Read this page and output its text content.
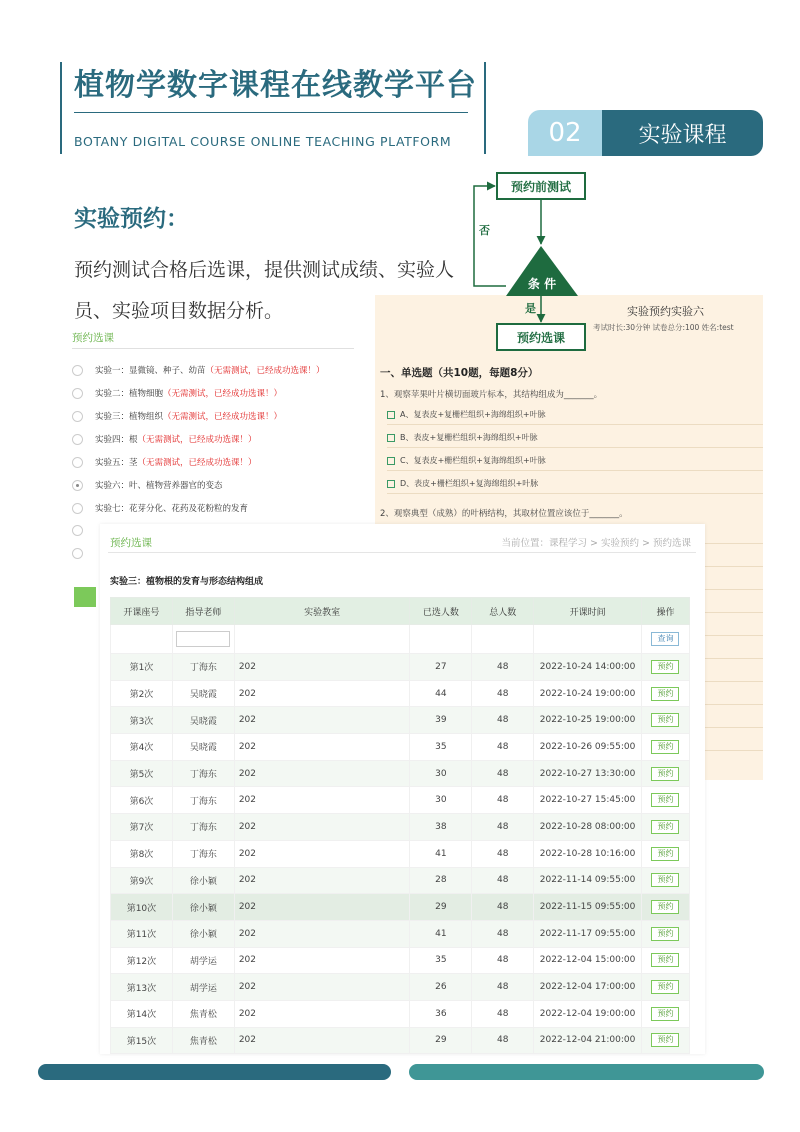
植物学数字课程在线教学平台
BOTANY DIGITAL COURSE ONLINE TEACHING PLATFORM	02	实验课程
实验预约：
预约测试合格后选课，提供测试成绩、实验人员、实验项目数据分析。	实验预约实验六
考试时长:30分钟 试卷总分:100 姓名:test
一、单选题（共10题，每题8分）
1、观察苹果叶片横切面玻片标本，其结构组成为_______。
A、复表皮+复栅栏组织+海绵组织+叶脉
B、表皮+复栅栏组织+海绵组织+叶脉
C、复表皮+栅栏组织+复海绵组织+叶脉
D、表皮+栅栏组织+复海绵组织+叶脉
2、观察典型（成熟）的叶柄结构，其取材位置应该位于_______。
预约前测试
条 件
否
是
预约选课
预约选课
实验一：显微镜、种子、幼苗 （无需测试，已经成功选课！）
实验二：植物细胞 （无需测试，已经成功选课！）
实验三：植物组织 （无需测试，已经成功选课！）
实验四：根 （无需测试，已经成功选课！）
实验五：茎 （无需测试，已经成功选课！）
实验六：叶、植物营养器官的变态
实验七：花芽分化、花药及花粉粒的发育
预约选课	当前位置：课程学习 > 实验预约 > 预约选课
实验三：植物根的发育与形态结构组成
开课座号	指导老师	实验教室	已选人数	总人数	开课时间	操作
						查询
第1次	丁海东	202	27	48	2022-10-24 14:00:00	预约
第2次	吴晓霞	202	44	48	2022-10-24 19:00:00	预约
第3次	吴晓霞	202	39	48	2022-10-25 19:00:00	预约
第4次	吴晓霞	202	35	48	2022-10-26 09:55:00	预约
第5次	丁海东	202	30	48	2022-10-27 13:30:00	预约
第6次	丁海东	202	30	48	2022-10-27 15:45:00	预约
第7次	丁海东	202	38	48	2022-10-28 08:00:00	预约
第8次	丁海东	202	41	48	2022-10-28 10:16:00	预约
第9次	徐小颖	202	28	48	2022-11-14 09:55:00	预约
第10次	徐小颖	202	29	48	2022-11-15 09:55:00	预约
第11次	徐小颖	202	41	48	2022-11-17 09:55:00	预约
第12次	胡学运	202	35	48	2022-12-04 15:00:00	预约
第13次	胡学运	202	26	48	2022-12-04 17:00:00	预约
第14次	焦青松	202	36	48	2022-12-04 19:00:00	预约
第15次	焦青松	202	29	48	2022-12-04 21:00:00	预约
